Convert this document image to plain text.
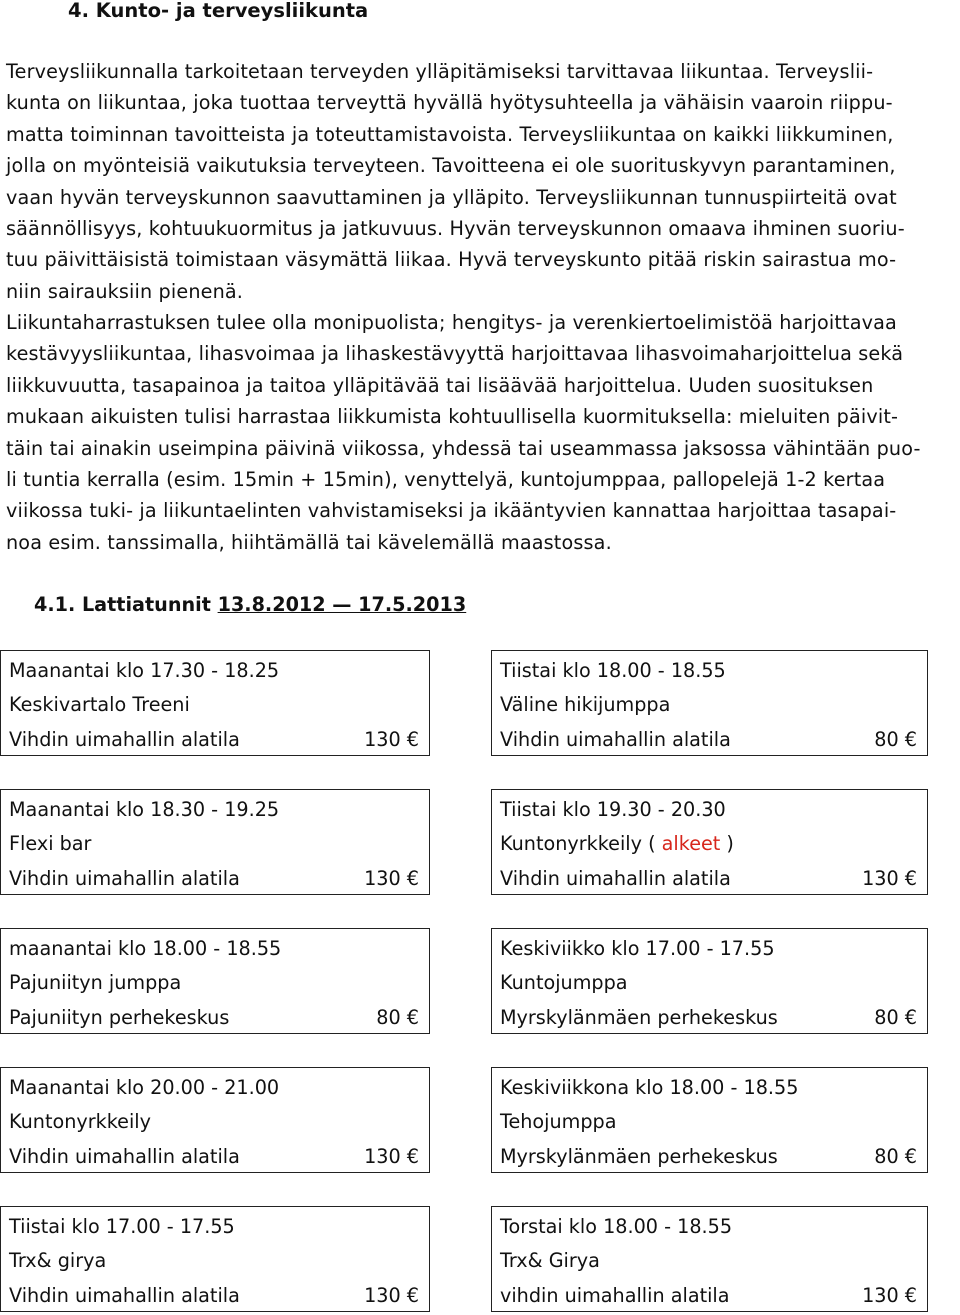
4. Kunto- ja terveysliikunta

Terveysliikunnalla tarkoitetaan terveyden ylläpitämiseksi tarvittavaa liikuntaa. Terveyslii-
kunta on liikuntaa, joka tuottaa terveyttä hyvällä hyötysuhteella ja vähäisin vaaroin riippu-
matta toiminnan tavoitteista ja toteuttamistavoista. Terveysliikuntaa on kaikki liikkuminen,
jolla on myönteisiä vaikutuksia terveyteen. Tavoitteena ei ole suorituskyvyn parantaminen,
vaan hyvän terveyskunnon saavuttaminen ja ylläpito. Terveysliikunnan tunnuspiirteitä ovat
säännöllisyys, kohtuukuormitus ja jatkuvuus. Hyvän terveyskunnon omaava ihminen suoriu-
tuu päivittäisistä toimistaan väsymättä liikaa. Hyvä terveyskunto pitää riskin sairastua mo-
niin sairauksiin pienenä.

Liikuntaharrastuksen tulee olla monipuolista; hengitys- ja verenkiertoelimistöä harjoittavaa
kestävyysliikuntaa, lihasvoimaa ja lihaskestävyyttä harjoittavaa lihasvoimaharjoittelua sekä
liikkuvuutta, tasapainoa ja taitoa ylläpitävää tai lisäävää harjoittelua. Uuden suosituksen
mukaan aikuisten tulisi harrastaa liikkumista kohtuullisella kuormituksella: mieluiten päivit-
täin tai ainakin useimpina päivinä viikossa, yhdessä tai useammassa jaksossa vähintään puo-
li tuntia kerralla (esim. 15min + 15min), venyttelyä, kuntojumppaa, pallopelejä 1-2 kertaa
viikossa tuki- ja liikuntaelinten vahvistamiseksi ja ikääntyvien kannattaa harjoittaa tasapai-
noa esim. tanssimalla, hiihtämällä tai kävelemällä maastossa.

4.1. Lattiatunnit 13.8.2012 — 17.5.2013
Maanantai klo 17.30 - 18.25
Keskivartalo Treeni
Vihdin uimahallin alatila	130 €
Tiistai klo 18.00 - 18.55
Väline hikijumppa
Vihdin uimahallin alatila	80 €
Maanantai klo 18.30 - 19.25
Flexi bar
Vihdin uimahallin alatila	130 €
Tiistai klo 19.30 - 20.30
Kuntonyrkkeily ( alkeet )
Vihdin uimahallin alatila	130 €
maanantai klo 18.00 - 18.55
Pajuniityn jumppa
Pajuniityn perhekeskus	80 €
Keskiviikko klo 17.00 - 17.55
Kuntojumppa
Myrskylänmäen perhekeskus	80 €
Maanantai klo 20.00 - 21.00
Kuntonyrkkeily
Vihdin uimahallin alatila	130 €
Keskiviikkona klo 18.00 - 18.55
Tehojumppa
Myrskylänmäen perhekeskus	80 €
Tiistai klo 17.00 - 17.55
Trx& girya
Vihdin uimahallin alatila	130 €
Torstai klo 18.00 - 18.55
Trx& Girya
vihdin uimahallin alatila	130 €
